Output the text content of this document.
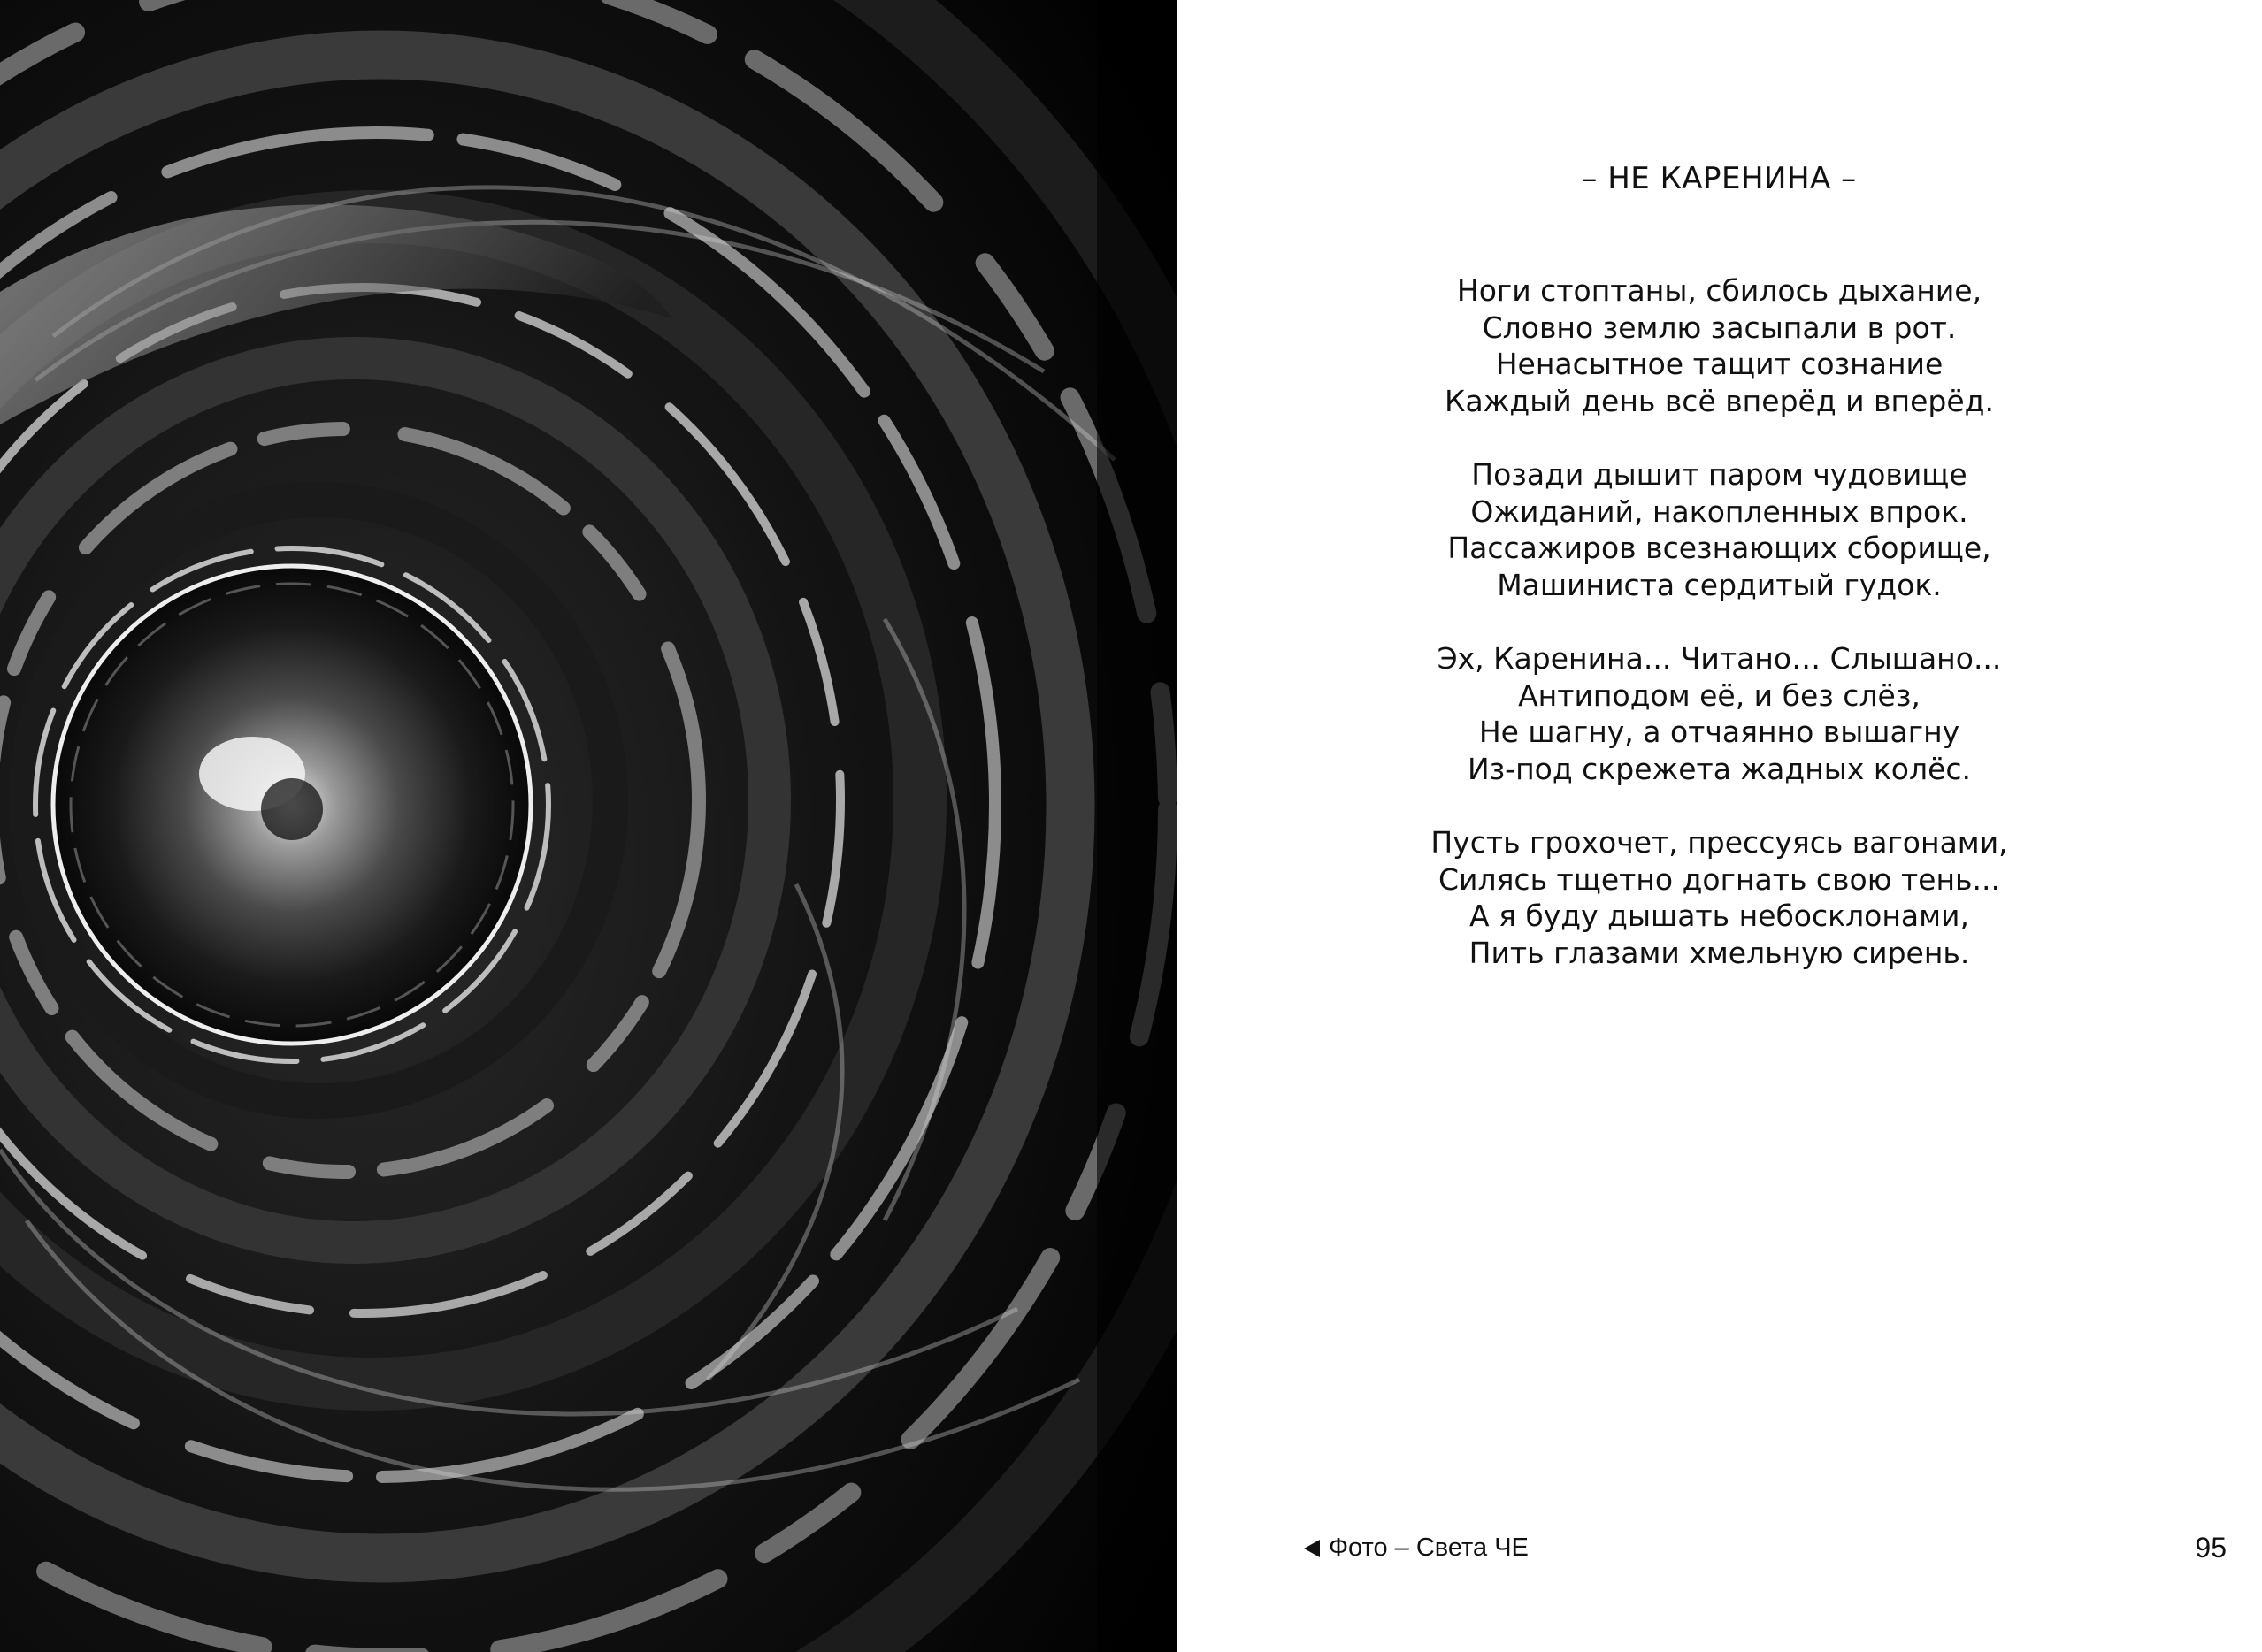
– НЕ КАРЕНИНА –
Ноги стоптаны, сбилось дыхание,
Словно землю засыпали в рот.
Ненасытное тащит сознание
Каждый день всё вперёд и вперёд.
Позади дышит паром чудовище
Ожиданий, накопленных впрок.
Пассажиров всезнающих сборище,
Машиниста сердитый гудок.
Эх, Каренина... Читано… Слышано...
Антиподом её, и без слёз,
Не шагну, а отчаянно вышагну
Из-под скрежета жадных колёс.
Пусть грохочет, прессуясь вагонами,
Силясь тщетно догнать свою тень...
А я буду дышать небосклонами,
Пить глазами хмельную сирень.
Фото – Света ЧЕ	95
